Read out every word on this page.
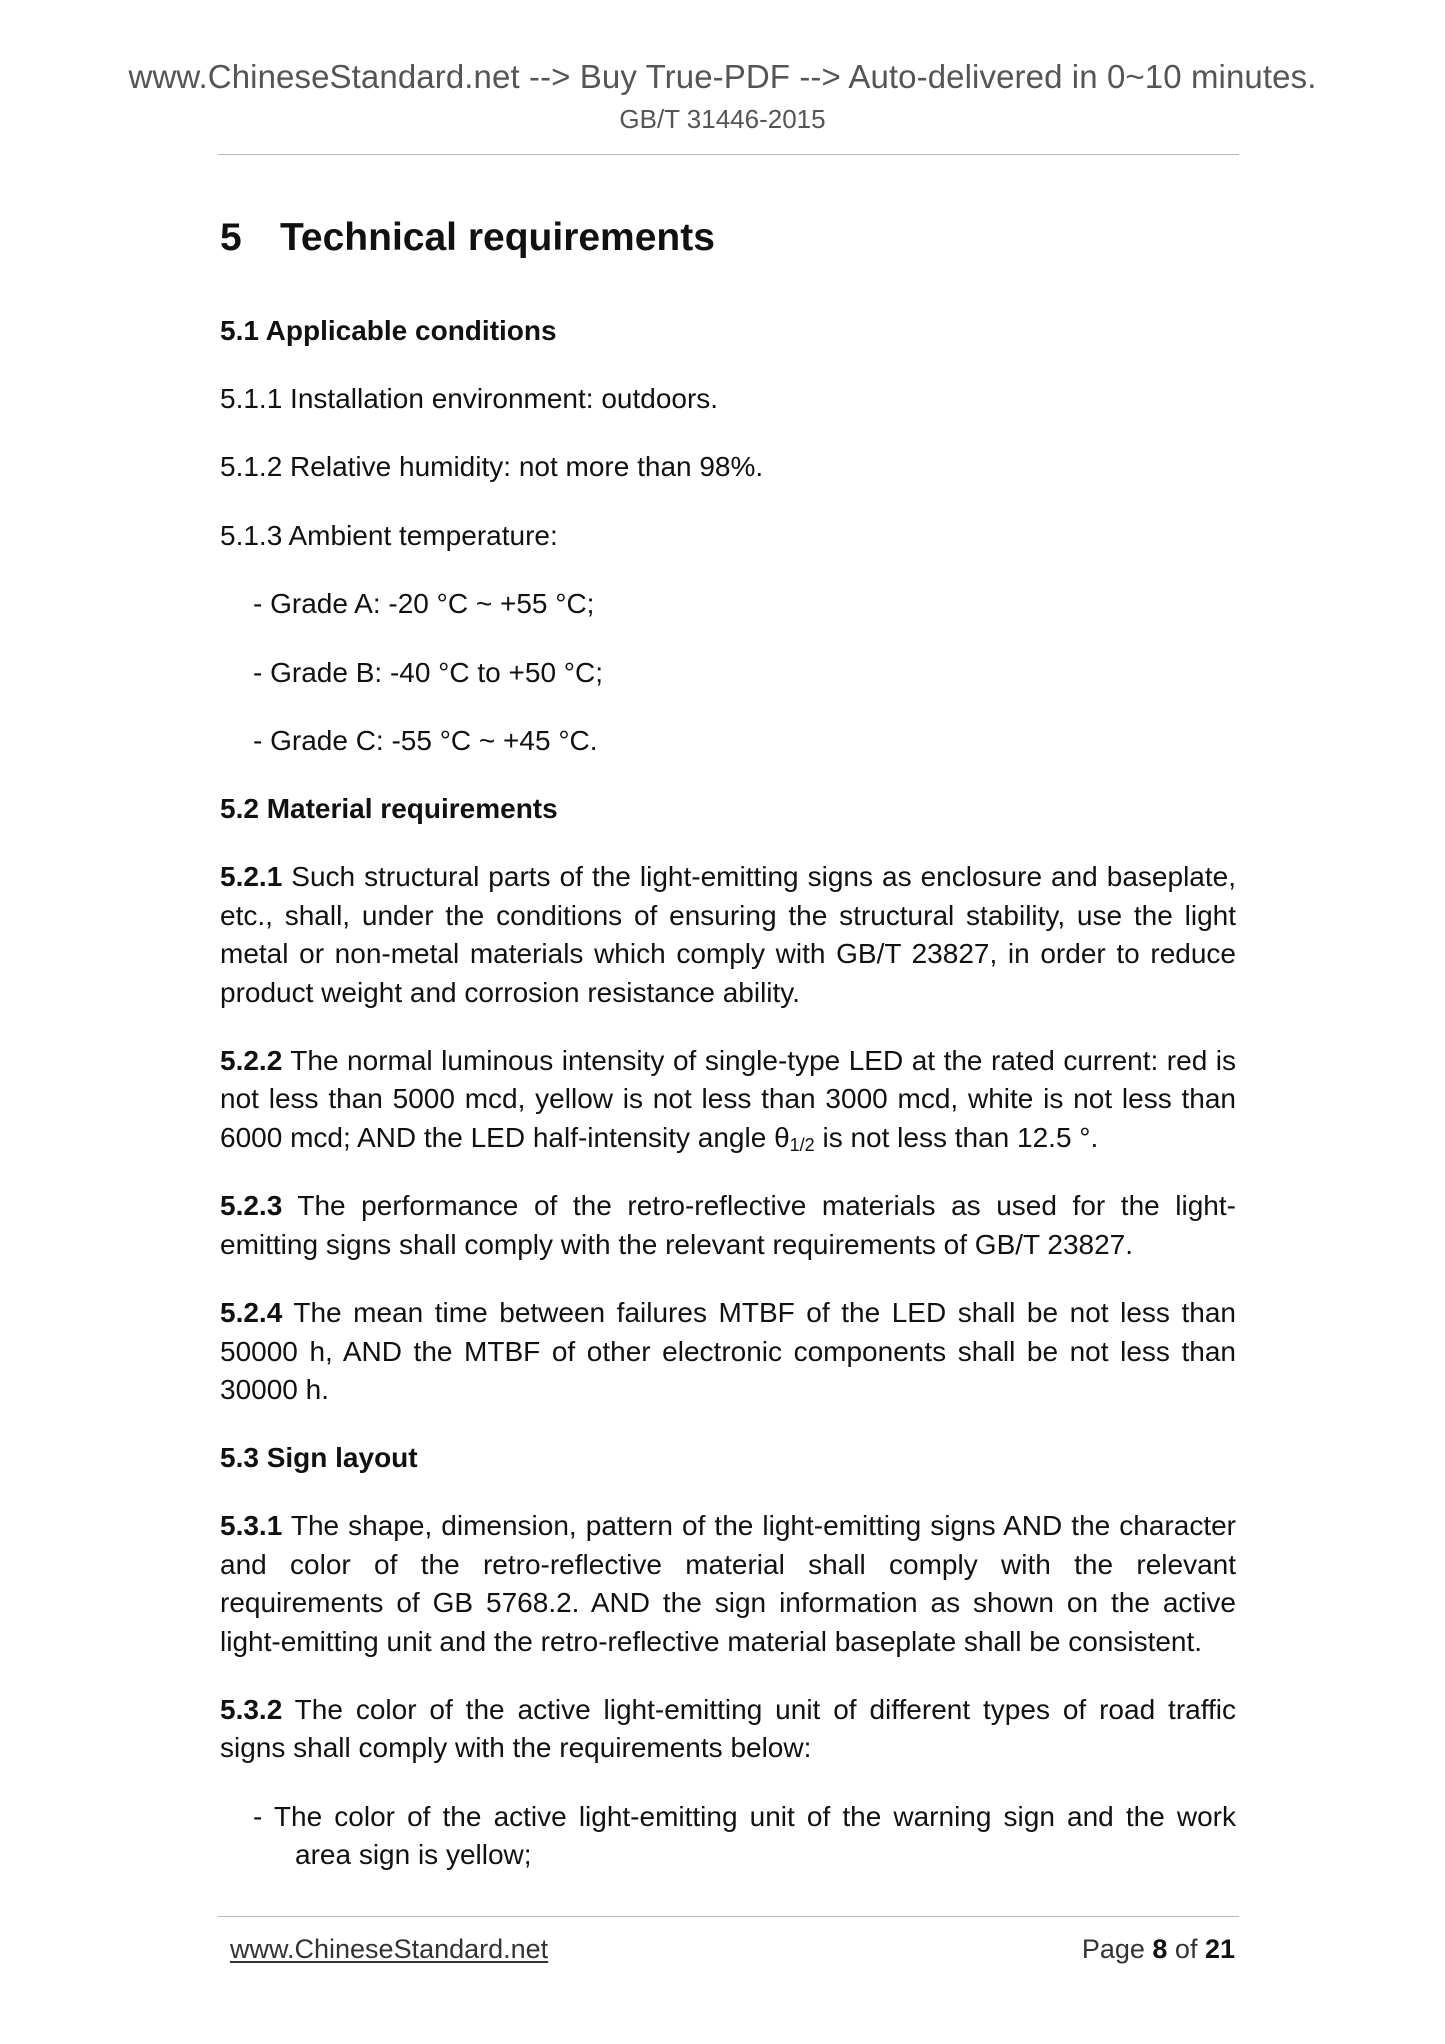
www.ChineseStandard.net --> Buy True-PDF --> Auto-delivered in 0~10 minutes.
GB/T 31446-2015
5 Technical requirements
5.1 Applicable conditions
5.1.1 Installation environment: outdoors.
5.1.2 Relative humidity: not more than 98%.
5.1.3 Ambient temperature:
- Grade A: -20 °C ~ +55 °C;
- Grade B: -40 °C to +50 °C;
- Grade C: -55 °C ~ +45 °C.
5.2 Material requirements
5.2.1 Such structural parts of the light-emitting signs as enclosure and baseplate, etc., shall, under the conditions of ensuring the structural stability, use the light metal or non-metal materials which comply with GB/T 23827, in order to reduce product weight and corrosion resistance ability.
5.2.2 The normal luminous intensity of single-type LED at the rated current: red is not less than 5000 mcd, yellow is not less than 3000 mcd, white is not less than 6000 mcd; AND the LED half-intensity angle $\theta_{1/2}$ is not less than 12.5 °.
5.2.3 The performance of the retro-reflective materials as used for the light-emitting signs shall comply with the relevant requirements of GB/T 23827.
5.2.4 The mean time between failures MTBF of the LED shall be not less than 50000 h, AND the MTBF of other electronic components shall be not less than 30000 h.
5.3 Sign layout
5.3.1 The shape, dimension, pattern of the light-emitting signs AND the character and color of the retro-reflective material shall comply with the relevant requirements of GB 5768.2. AND the sign information as shown on the active light-emitting unit and the retro-reflective material baseplate shall be consistent.
5.3.2 The color of the active light-emitting unit of different types of road traffic signs shall comply with the requirements below:
- The color of the active light-emitting unit of the warning sign and the work area sign is yellow;
www.ChineseStandard.net	Page 8 of 21
